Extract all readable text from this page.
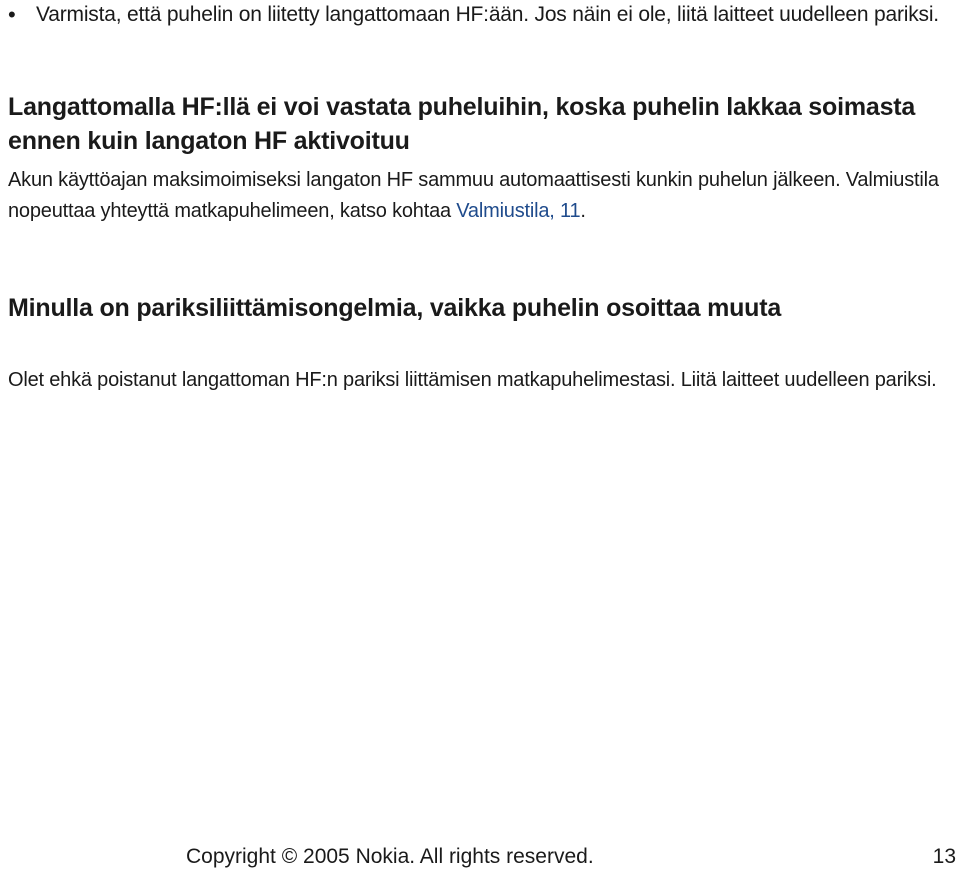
• Varmista, että puhelin on liitetty langattomaan HF:ään. Jos näin ei ole, liitä laitteet uudelleen pariksi.
Langattomalla HF:llä ei voi vastata puheluihin, koska puhelin lakkaa soimasta ennen kuin langaton HF aktivoituu
Akun käyttöajan maksimoimiseksi langaton HF sammuu automaattisesti kunkin puhelun jälkeen. Valmiustila nopeuttaa yhteyttä matkapuhelimeen, katso kohtaa Valmiustila, 11.
Minulla on pariksiliittämisongelmia, vaikka puhelin osoittaa muuta
Olet ehkä poistanut langattoman HF:n pariksi liittämisen matkapuhelimestasi. Liitä laitteet uudelleen pariksi.
Copyright © 2005 Nokia. All rights reserved.	13
